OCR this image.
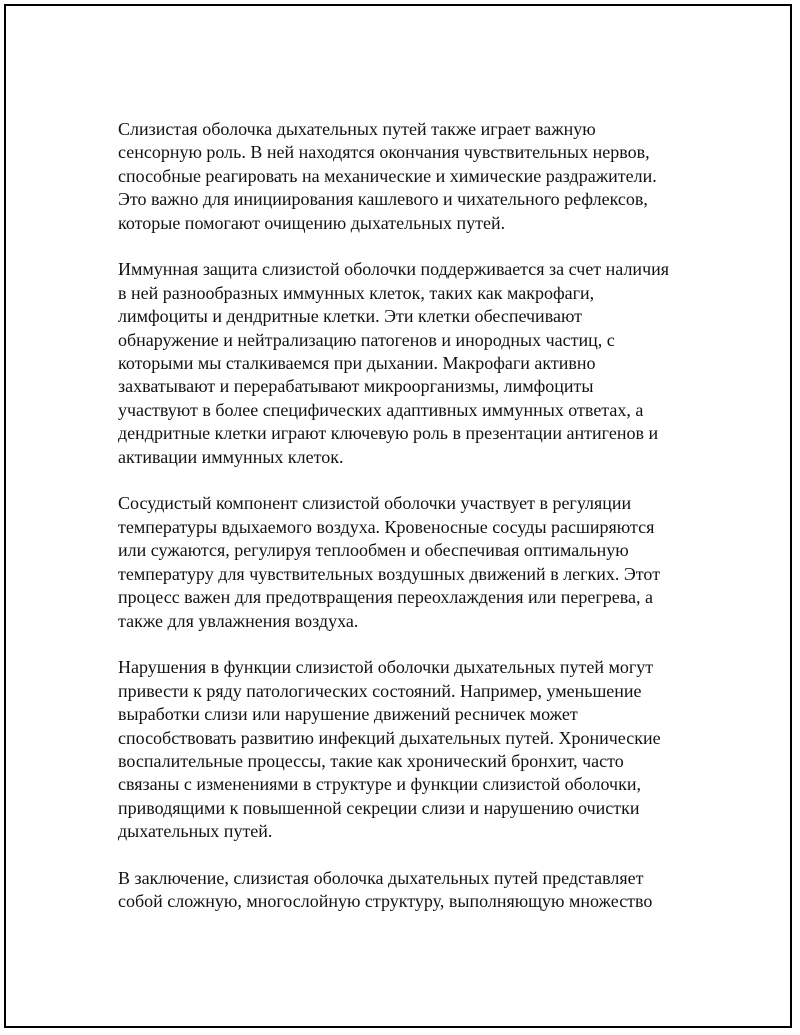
Слизистая оболочка дыхательных путей также играет важную
сенсорную роль. В ней находятся окончания чувствительных нервов,
способные реагировать на механические и химические раздражители.
Это важно для инициирования кашлевого и чихательного рефлексов,
которые помогают очищению дыхательных путей.

Иммунная защита слизистой оболочки поддерживается за счет наличия
в ней разнообразных иммунных клеток, таких как макрофаги,
лимфоциты и дендритные клетки. Эти клетки обеспечивают
обнаружение и нейтрализацию патогенов и инородных частиц, с
которыми мы сталкиваемся при дыхании. Макрофаги активно
захватывают и перерабатывают микроорганизмы, лимфоциты
участвуют в более специфических адаптивных иммунных ответах, а
дендритные клетки играют ключевую роль в презентации антигенов и
активации иммунных клеток.

Сосудистый компонент слизистой оболочки участвует в регуляции
температуры вдыхаемого воздуха. Кровеносные сосуды расширяются
или сужаются, регулируя теплообмен и обеспечивая оптимальную
температуру для чувствительных воздушных движений в легких. Этот
процесс важен для предотвращения переохлаждения или перегрева, а
также для увлажнения воздуха.

Нарушения в функции слизистой оболочки дыхательных путей могут
привести к ряду патологических состояний. Например, уменьшение
выработки слизи или нарушение движений ресничек может
способствовать развитию инфекций дыхательных путей. Хронические
воспалительные процессы, такие как хронический бронхит, часто
связаны с изменениями в структуре и функции слизистой оболочки,
приводящими к повышенной секреции слизи и нарушению очистки
дыхательных путей.

В заключение, слизистая оболочка дыхательных путей представляет
собой сложную, многослойную структуру, выполняющую множество
